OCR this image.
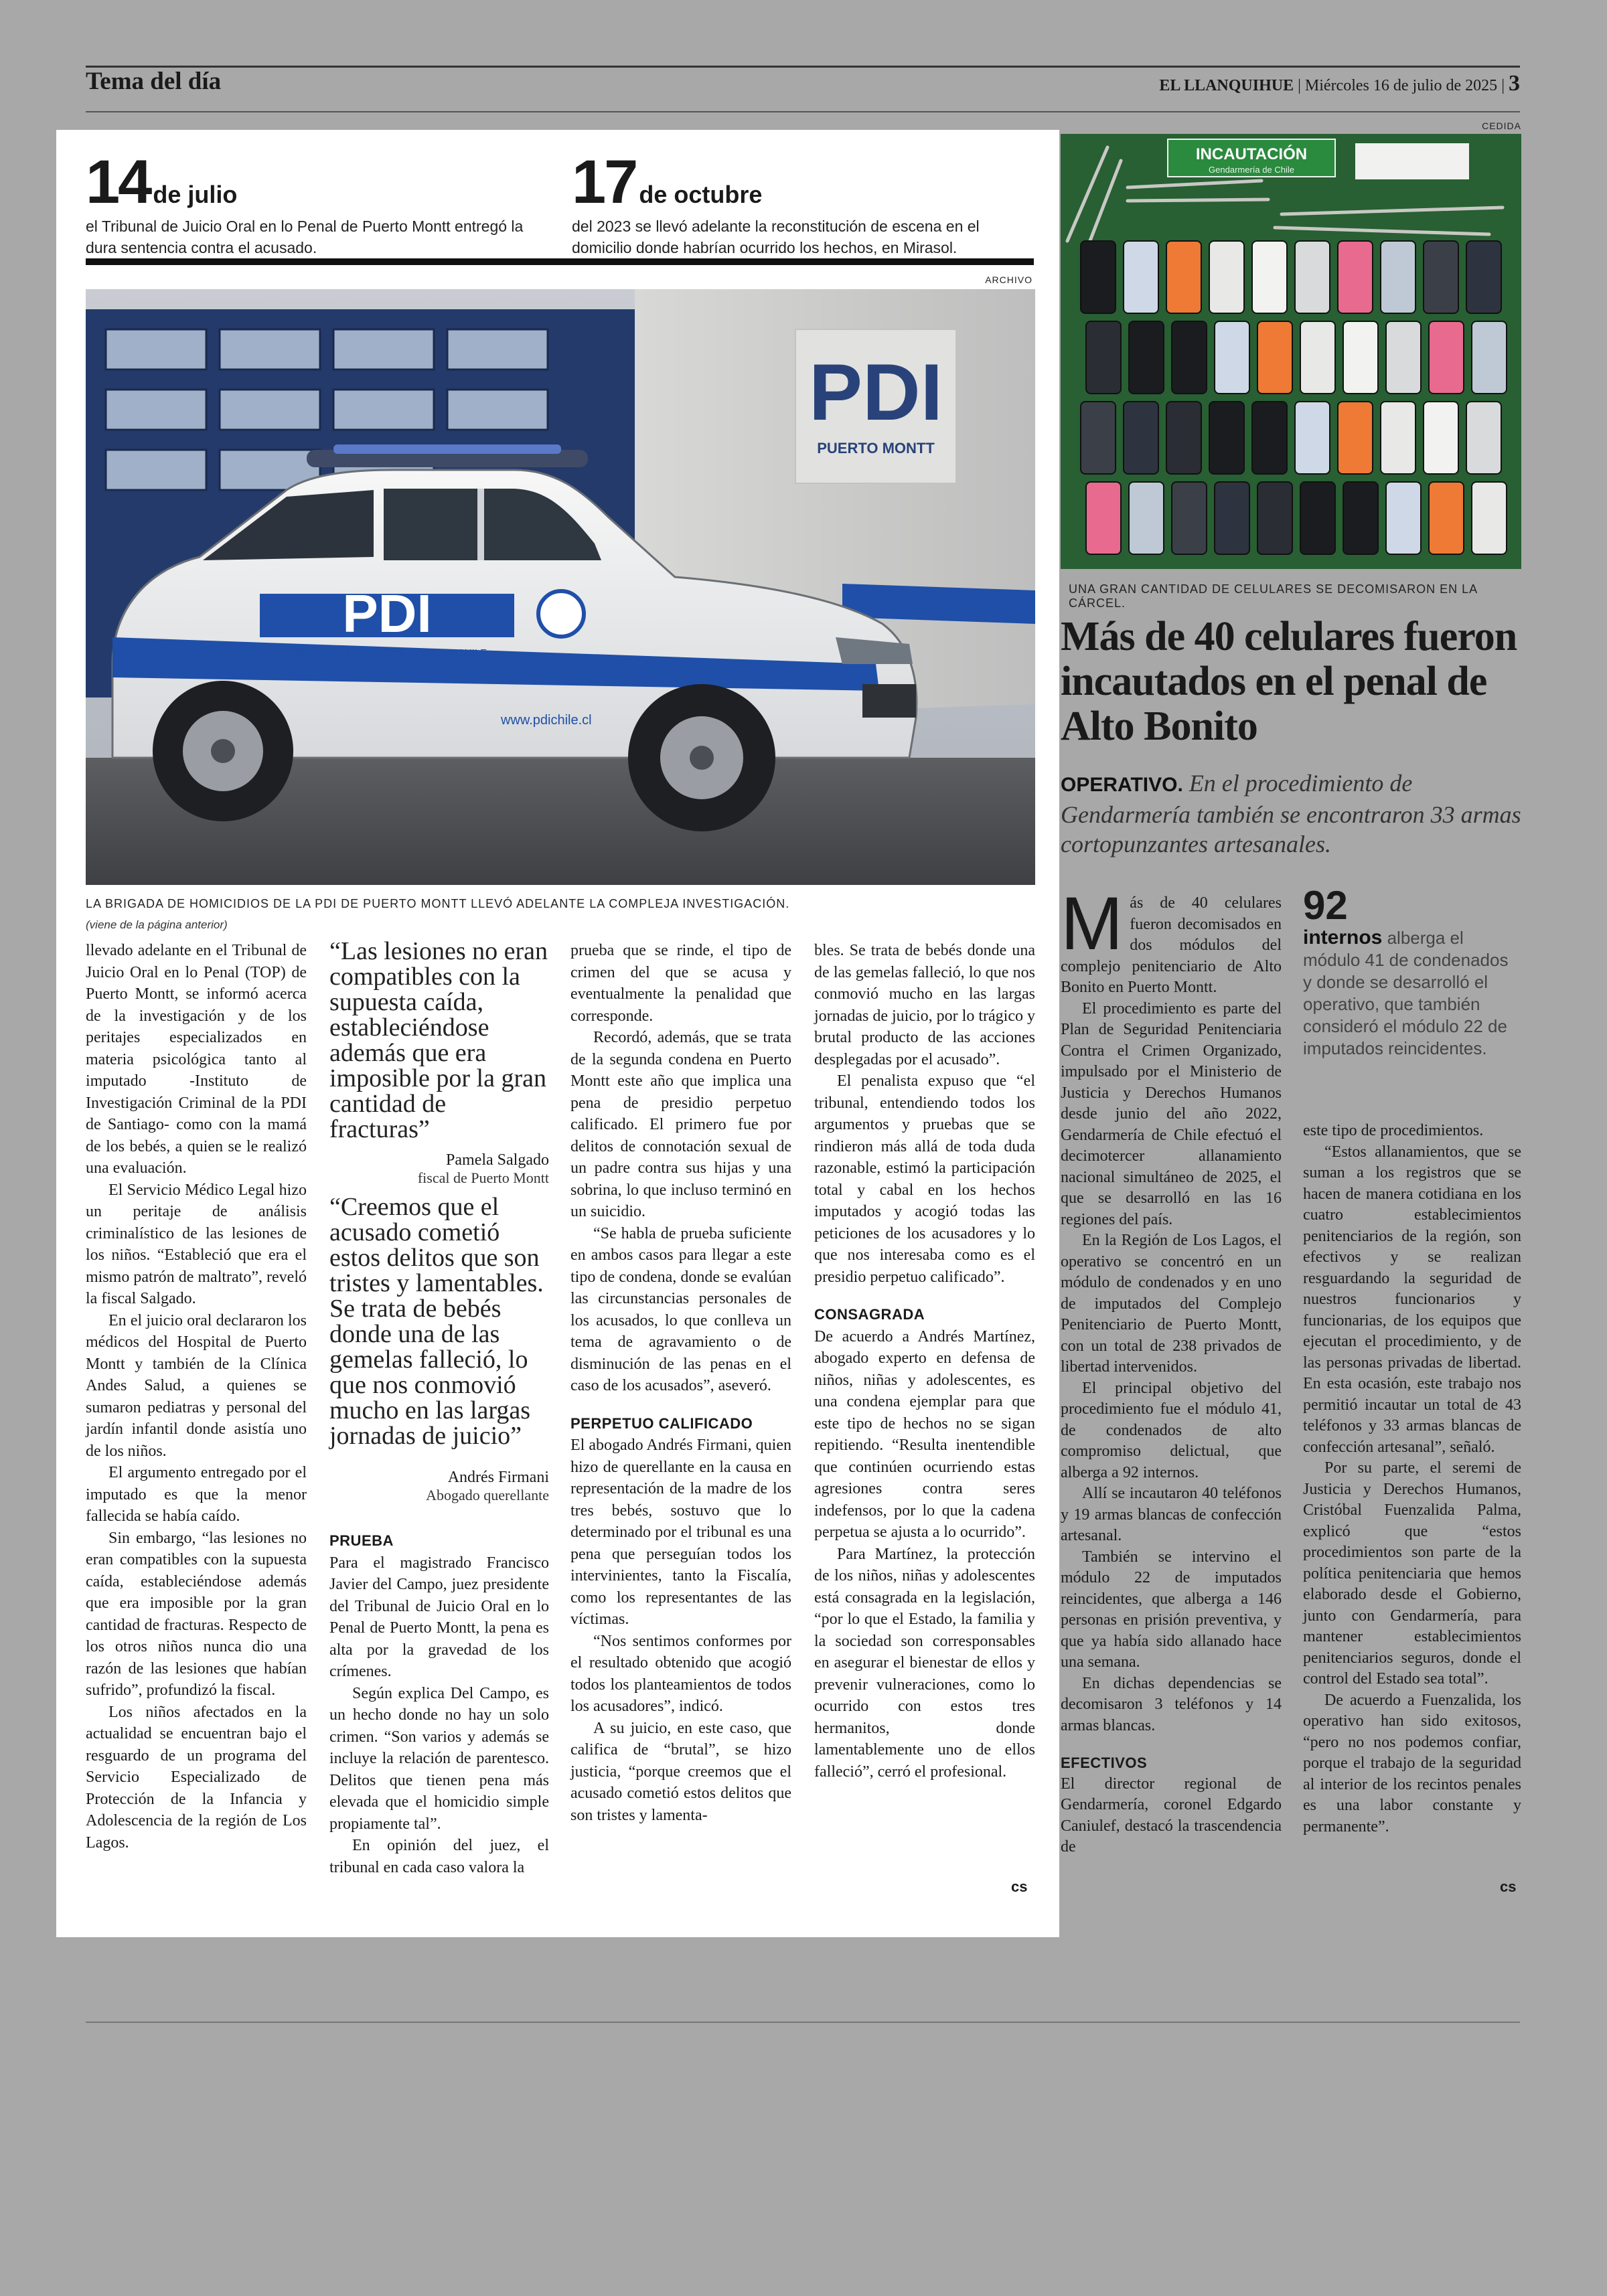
Tema del día	EL LLANQUIHUE | Miércoles 16 de julio de 2025 | 3
14 de julio
el Tribunal de Juicio Oral en lo Penal de Puerto Montt entregó la dura sentencia contra el acusado.
17 de octubre
del 2023 se llevó adelante la reconstitución de escena en el domicilio donde habrían ocurrido los hechos, en Mirasol.
ARCHIVO
PDI
PUERTO MONTT
PDI
POLICÍA DE INVESTIGACIONES DE CHILE
www.pdichile.cl
LA BRIGADA DE HOMICIDIOS DE LA PDI DE PUERTO MONTT LLEVÓ ADELANTE LA COMPLEJA INVESTIGACIÓN.
(viene de la página anterior)

llevado adelante en el Tribunal de Juicio Oral en lo Penal (TOP) de Puerto Montt, se informó acerca de la investigación y de los peritajes especializados en materia psicológica tanto al imputado -Instituto de Investigación Criminal de la PDI de Santiago- como con la mamá de los bebés, a quien se le realizó una evaluación.

El Servicio Médico Legal hizo un peritaje de análisis criminalístico de las lesiones de los niños. “Estableció que era el mismo patrón de maltrato”, reveló la fiscal Salgado.

En el juicio oral declararon los médicos del Hospital de Puerto Montt y también de la Clínica Andes Salud, a quienes se sumaron pediatras y personal del jardín infantil donde asistía uno de los niños.

El argumento entregado por el imputado es que la menor fallecida se había caído.

Sin embargo, “las lesiones no eran compatibles con la supuesta caída, estableciéndose además que era imposible por la gran cantidad de fracturas. Respecto de los otros niños nunca dio una razón de las lesiones que habían sufrido”, profundizó la fiscal.

Los niños afectados en la actualidad se encuentran bajo el resguardo de un programa del Servicio Especializado de Protección de la Infancia y Adolescencia de la región de Los Lagos.

“Las lesiones no eran compatibles con la supuesta caída, estableciéndose además que era imposible por la gran cantidad de fracturas”
Pamela Salgado
fiscal de Puerto Montt
“Creemos que el acusado cometió estos delitos que son tristes y lamentables. Se trata de bebés donde una de las gemelas falleció, lo que nos conmovió mucho en las largas jornadas de juicio”
Andrés Firmani
Abogado querellante
PRUEBA

Para el magistrado Francisco Javier del Campo, juez presidente del Tribunal de Juicio Oral en lo Penal de Puerto Montt, la pena es alta por la gravedad de los crímenes.

Según explica Del Campo, es un hecho donde no hay un solo crimen. “Son varios y además se incluye la relación de parentesco. Delitos que tienen pena más elevada que el homicidio simple propiamente tal”.

En opinión del juez, el tribunal en cada caso valora la

prueba que se rinde, el tipo de crimen del que se acusa y eventualmente la penalidad que corresponde.

Recordó, además, que se trata de la segunda condena en Puerto Montt este año que implica una pena de presidio perpetuo calificado. El primero fue por delitos de connotación sexual de un padre contra sus hijas y una sobrina, lo que incluso terminó en un suicidio.

“Se habla de prueba suficiente en ambos casos para llegar a este tipo de condena, donde se evalúan las circunstancias personales de los acusados, lo que conlleva un tema de agravamiento o de disminución de las penas en el caso de los acusados”, aseveró.

PERPETUO CALIFICADO

El abogado Andrés Firmani, quien hizo de querellante en la causa en representación de la madre de los tres bebés, sostuvo que lo determinado por el tribunal es una pena que perseguían todos los intervinientes, tanto la Fiscalía, como los representantes de las víctimas.

“Nos sentimos conformes por el resultado obtenido que acogió todos los planteamientos de todos los acusadores”, indicó.

A su juicio, en este caso, que califica de “brutal”, se hizo justicia, “porque creemos que el acusado cometió estos delitos que son tristes y lamenta-

bles. Se trata de bebés donde una de las gemelas falleció, lo que nos conmovió mucho en las largas jornadas de juicio, por lo trágico y brutal producto de las acciones desplegadas por el acusado”.

El penalista expuso que “el tribunal, entendiendo todos los argumentos y pruebas que se rindieron más allá de toda duda razonable, estimó la participación total y cabal en los hechos imputados y acogió todas las peticiones de los acusadores y lo que nos interesaba como es el presidio perpetuo calificado”.

CONSAGRADA

De acuerdo a Andrés Martínez, abogado experto en defensa de niños, niñas y adolescentes, es una condena ejemplar para que este tipo de hechos no se sigan repitiendo. “Resulta inentendible que continúen ocurriendo estas agresiones contra seres indefensos, por lo que la cadena perpetua se ajusta a lo ocurrido”.

Para Martínez, la protección de los niños, niñas y adolescentes está consagrada en la legislación, “por lo que el Estado, la familia y la sociedad son corresponsables en asegurar el bienestar de ellos y prevenir vulneraciones, como lo ocurrido con estos tres hermanitos, donde lamentablemente uno de ellos falleció”, cerró el profesional.

cs
CEDIDA
INCAUTACIÓN
Gendarmería de Chile
UNA GRAN CANTIDAD DE CELULARES SE DECOMISARON EN LA CÁRCEL.
Más de 40 celulares fueron incautados en el penal de Alto Bonito
OPERATIVO. En el procedimiento de Gendarmería también se encontraron 33 armas cortopunzantes artesanales.

Más de 40 celulares fueron decomisados en dos módulos del complejo penitenciario de Alto Bonito en Puerto Montt.

El procedimiento es parte del Plan de Seguridad Penitenciaria Contra el Crimen Organizado, impulsado por el Ministerio de Justicia y Derechos Humanos desde junio del año 2022, Gendarmería de Chile efectuó el decimotercer allanamiento nacional simultáneo de 2025, el que se desarrolló en las 16 regiones del país.

En la Región de Los Lagos, el operativo se concentró en un módulo de condenados y en uno de imputados del Complejo Penitenciario de Puerto Montt, con un total de 238 privados de libertad intervenidos.

El principal objetivo del procedimiento fue el módulo 41, de condenados de alto compromiso delictual, que alberga a 92 internos.

Allí se incautaron 40 teléfonos y 19 armas blancas de confección artesanal.

También se intervino el módulo 22 de imputados reincidentes, que alberga a 146 personas en prisión preventiva, y que ya había sido allanado hace una semana.

En dichas dependencias se decomisaron 3 teléfonos y 14 armas blancas.

EFECTIVOS

El director regional de Gendarmería, coronel Edgardo Caniulef, destacó la trascendencia de

92
internos alberga el módulo 41 de condenados y donde se desarrolló el operativo, que también consideró el módulo 22 de imputados reincidentes.

este tipo de procedimientos.

“Estos allanamientos, que se suman a los registros que se hacen de manera cotidiana en los cuatro establecimientos penitenciarios de la región, son efectivos y se realizan resguardando la seguridad de nuestros funcionarios y funcionarias, de los equipos que ejecutan el procedimiento, y de las personas privadas de libertad. En esta ocasión, este trabajo nos permitió incautar un total de 43 teléfonos y 33 armas blancas de confección artesanal”, señaló.

Por su parte, el seremi de Justicia y Derechos Humanos, Cristóbal Fuenzalida Palma, explicó que “estos procedimientos son parte de la política penitenciaria que hemos elaborado desde el Gobierno, junto con Gendarmería, para mantener establecimientos penitenciarios seguros, donde el control del Estado sea total”.

De acuerdo a Fuenzalida, los operativo han sido exitosos, “pero no nos podemos confiar, porque el trabajo de la seguridad al interior de los recintos penales es una labor constante y permanente”.

cs
